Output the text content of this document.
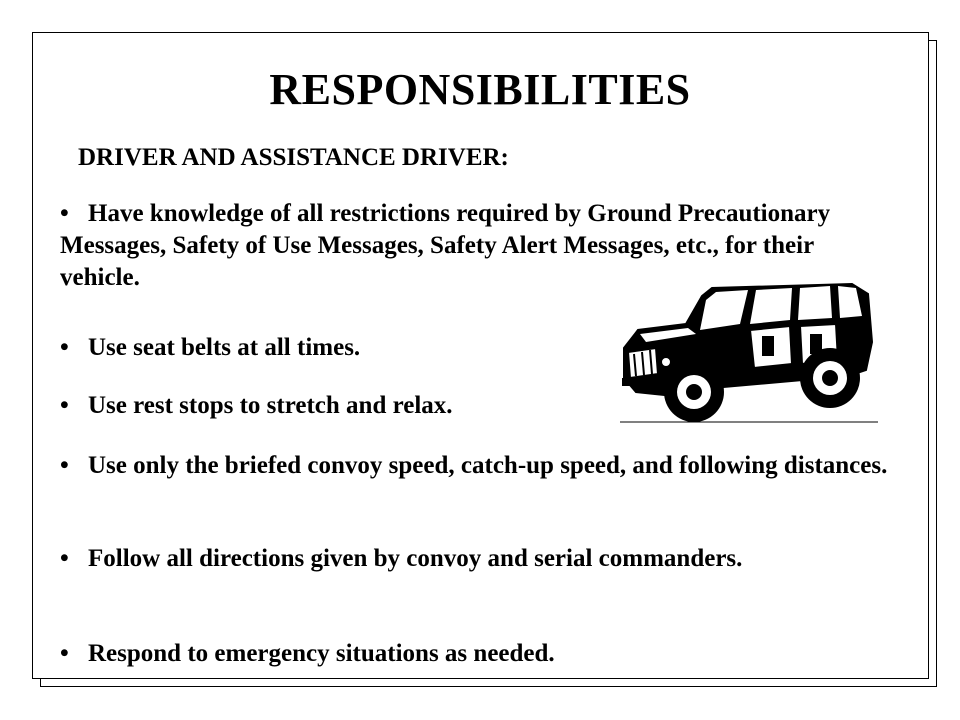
RESPONSIBILITIES
DRIVER AND ASSISTANCE DRIVER:

• Have knowledge of all restrictions required by Ground Precautionary Messages, Safety of Use Messages, Safety Alert Messages, etc., for their vehicle.

• Use seat belts at all times.

• Use rest stops to stretch and relax.

• Use only the briefed convoy speed, catch-up speed, and following distances.

• Follow all directions given by convoy and serial commanders.

• Respond to emergency situations as needed.
